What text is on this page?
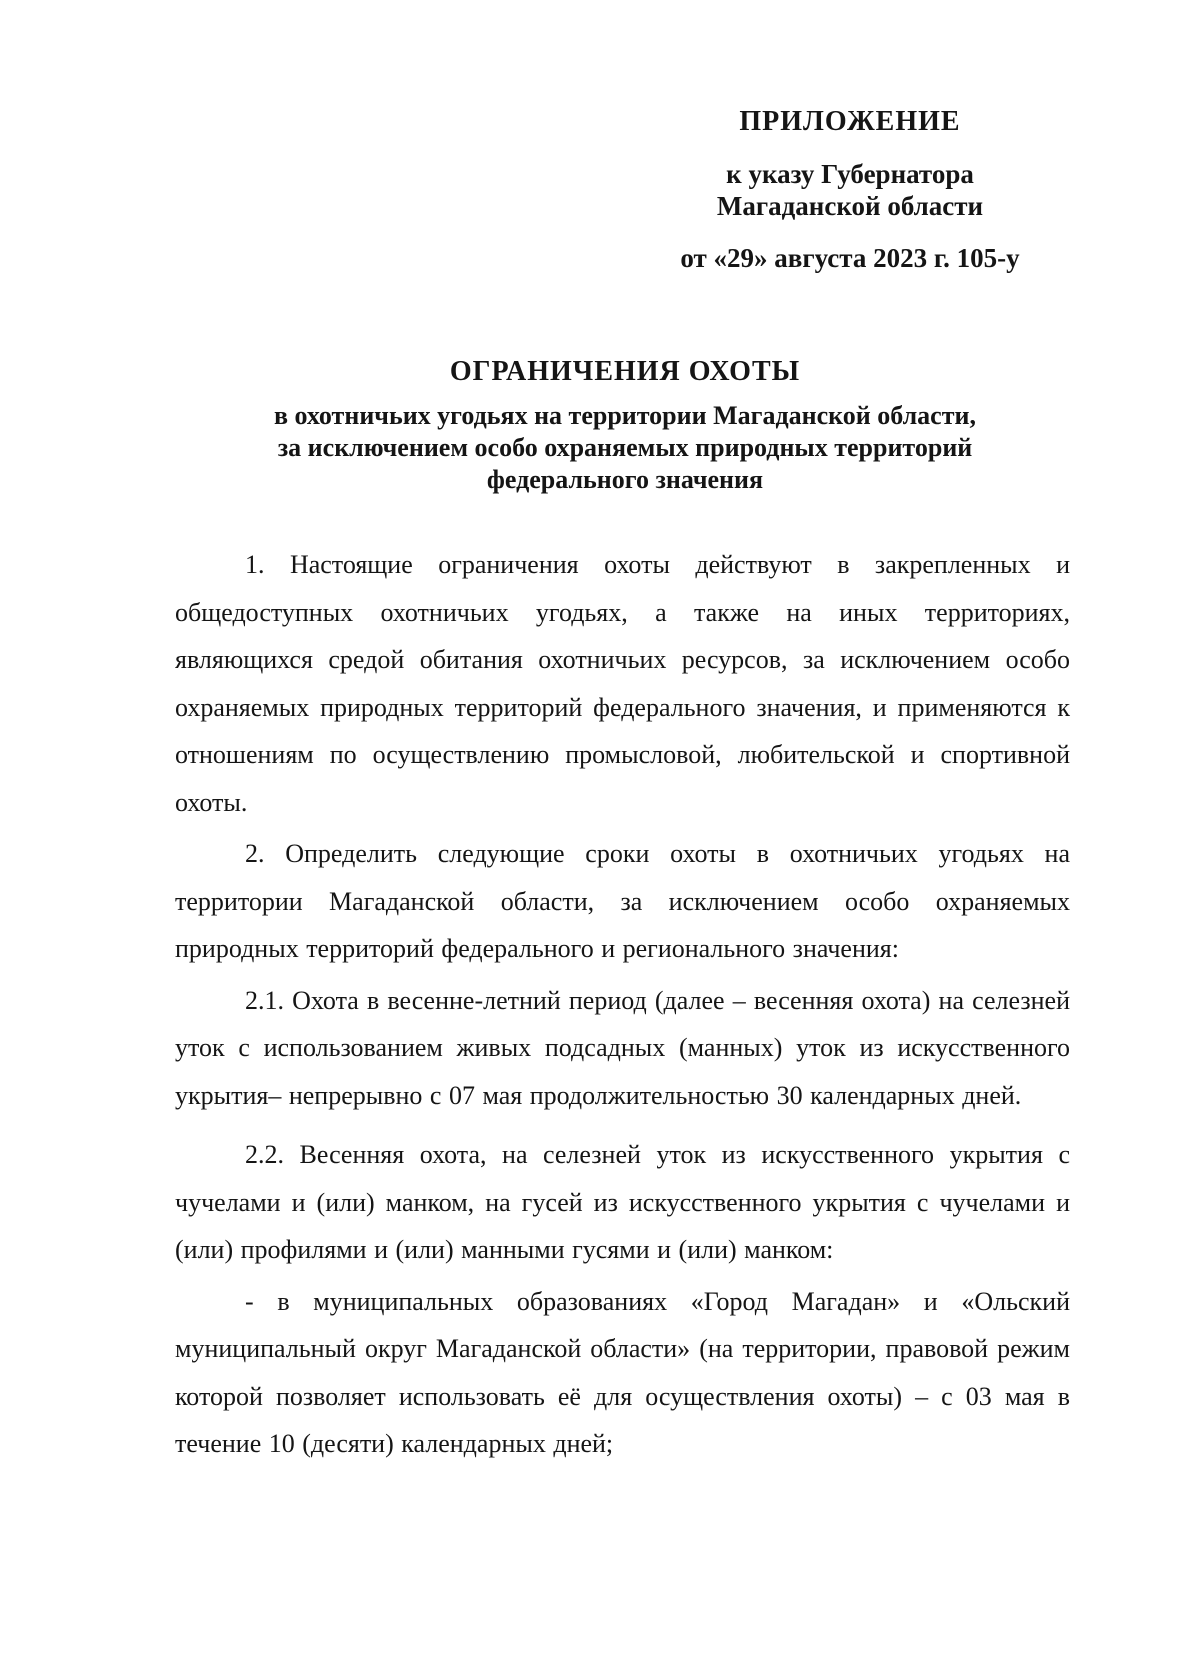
ПРИЛОЖЕНИЕ
к указу Губернатора
Магаданской области
от «29» августа 2023 г. 105-у
ОГРАНИЧЕНИЯ ОХОТЫ
в охотничьих угодьях на территории Магаданской области,
за исключением особо охраняемых природных территорий
федерального значения

1. Настоящие ограничения охоты действуют в закрепленных и общедоступных охотничьих угодьях, а также на иных территориях, являющихся средой обитания охотничьих ресурсов, за исключением особо охраняемых природных территорий федерального значения, и применяются к отношениям по осуществлению промысловой, любительской и спортивной охоты.

2. Определить следующие сроки охоты в охотничьих угодьях на территории Магаданской области, за исключением особо охраняемых природных территорий федерального и регионального значения:

2.1. Охота в весенне-летний период (далее – весенняя охота) на селезней уток с использованием живых подсадных (манных) уток из искусственного укрытия– непрерывно с 07 мая продолжительностью 30 календарных дней.

2.2. Весенняя охота, на селезней уток из искусственного укрытия с чучелами и (или) манком, на гусей из искусственного укрытия с чучелами и (или) профилями и (или) манными гусями и (или) манком:

- в муниципальных образованиях «Город Магадан» и «Ольский муниципальный округ Магаданской области» (на территории, правовой режим которой позволяет использовать её для осуществления охоты) – с 03 мая в течение 10 (десяти) календарных дней;
